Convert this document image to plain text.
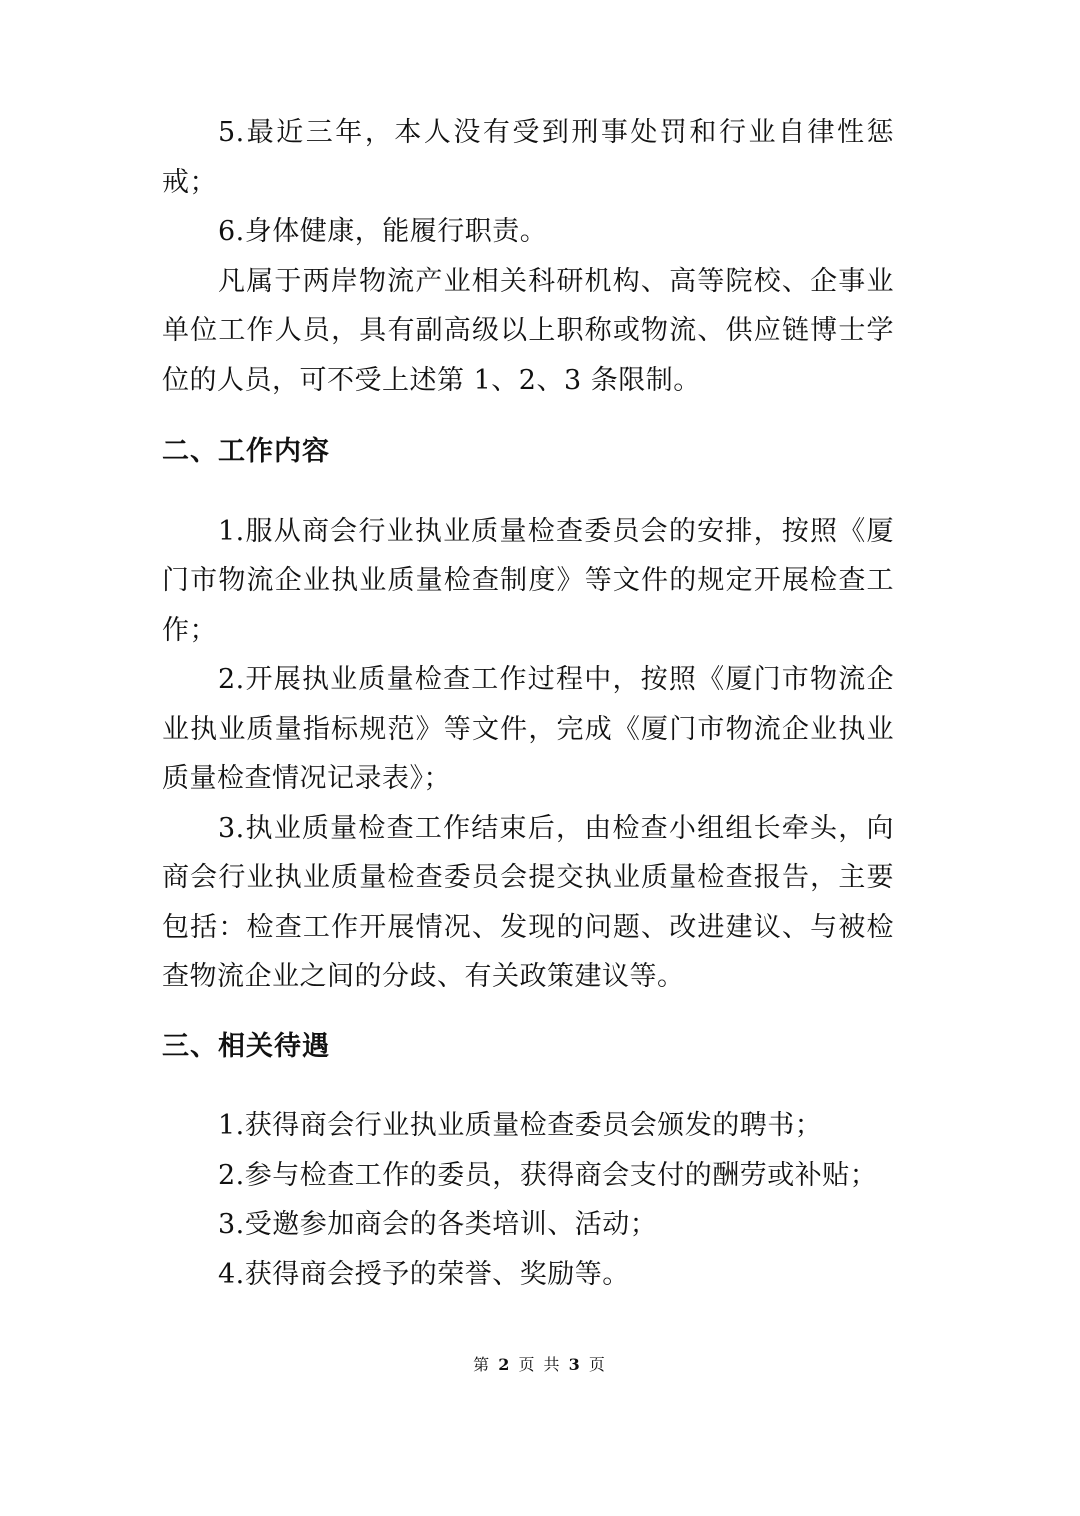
5.最近三年，本人没有受到刑事处罚和行业自律性惩戒；

6.身体健康，能履行职责。

凡属于两岸物流产业相关科研机构、高等院校、企事业单位工作人员，具有副高级以上职称或物流、供应链博士学位的人员，可不受上述第 1、2、3 条限制。

二、工作内容

1.服从商会行业执业质量检查委员会的安排，按照《厦门市物流企业执业质量检查制度》等文件的规定开展检查工作；

2.开展执业质量检查工作过程中，按照《厦门市物流企业执业质量指标规范》等文件，完成《厦门市物流企业执业质量检查情况记录表》；

3.执业质量检查工作结束后，由检查小组组长牵头，向商会行业执业质量检查委员会提交执业质量检查报告，主要包括：检查工作开展情况、发现的问题、改进建议、与被检查物流企业之间的分歧、有关政策建议等。

三、相关待遇

1.获得商会行业执业质量检查委员会颁发的聘书；

2.参与检查工作的委员，获得商会支付的酬劳或补贴；

3.受邀参加商会的各类培训、活动；

4.获得商会授予的荣誉、奖励等。

第 2 页 共 3 页
